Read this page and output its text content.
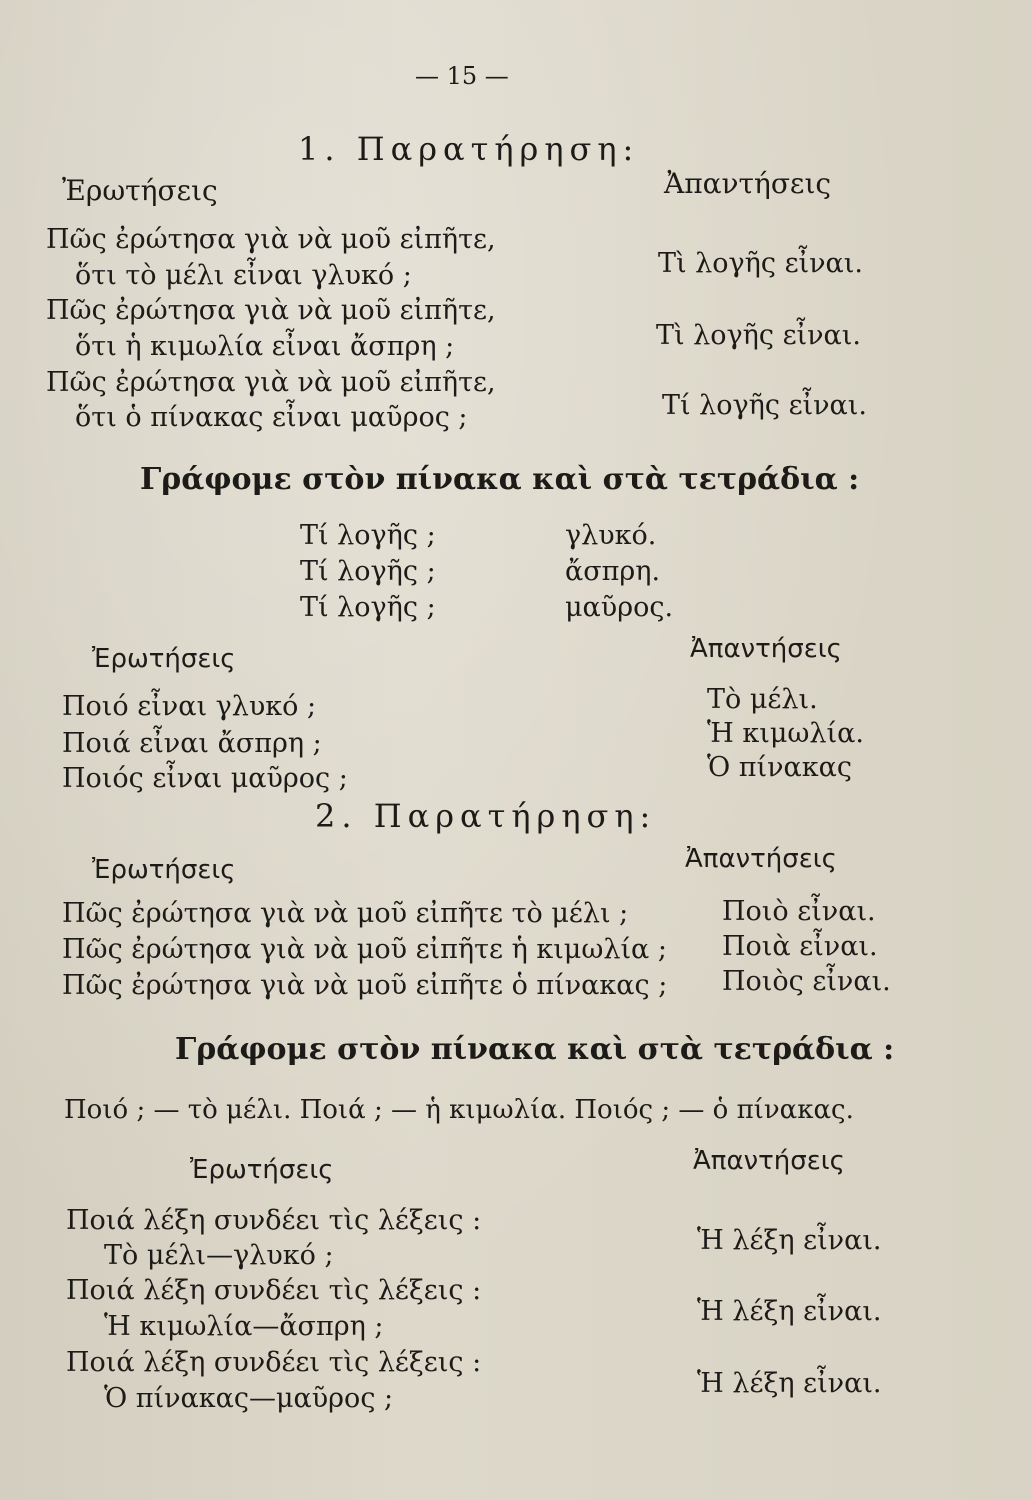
— 15 —
1. Παρατήρηση:
Ἐρωτήσεις	Ἀπαντήσεις
Πῶς ἐρώτησα γιὰ νὰ μοῦ εἰπῆτε,
ὅτι τὸ μέλι εἶναι γλυκό ;	Τὶ λογῆς εἶναι.
Πῶς ἐρώτησα γιὰ νὰ μοῦ εἰπῆτε,
ὅτι ἡ κιμωλία εἶναι ἄσπρη ;	Τὶ λογῆς εἶναι.
Πῶς ἐρώτησα γιὰ νὰ μοῦ εἰπῆτε,
ὅτι ὁ πίνακας εἶναι μαῦρος ;	Τί λογῆς εἶναι.
Γράφομε στὸν πίνακα καὶ στὰ τετράδια :
Τί λογῆς ;	γλυκό.
Τί λογῆς ;	ἄσπρη.
Τί λογῆς ;	μαῦρος.
Ἐρωτήσεις	Ἀπαντήσεις
Ποιό εἶναι γλυκό ;	Τὸ μέλι.
Ποιά εἶναι ἄσπρη ;	Ἡ κιμωλία.
Ποιός εἶναι μαῦρος ;	Ὁ πίνακας
2. Παρατήρηση:
Ἐρωτήσεις	Ἀπαντήσεις
Πῶς ἐρώτησα γιὰ νὰ μοῦ εἰπῆτε τὸ μέλι ;	Ποιὸ εἶναι.
Πῶς ἐρώτησα γιὰ νὰ μοῦ εἰπῆτε ἡ κιμωλία ; Ποιὰ εἶναι.
Πῶς ἐρώτησα γιὰ νὰ μοῦ εἰπῆτε ὁ πίνακας ; Ποιὸς εἶναι.
Γράφομε στὸν πίνακα καὶ στὰ τετράδια :
Ποιό ; — τὸ μέλι. Ποιά ; — ἡ κιμωλία. Ποιός ; — ὁ πίνακας.
Ἐρωτήσεις	Ἀπαντήσεις
Ποιά λέξη συνδέει τὶς λέξεις :
Τὸ μέλι—γλυκό ;	Ἡ λέξη εἶναι.
Ποιά λέξη συνδέει τὶς λέξεις :
Ἡ κιμωλία—ἄσπρη ;	Ἡ λέξη εἶναι.
Ποιά λέξη συνδέει τὶς λέξεις :
Ὁ πίνακας—μαῦρος ;	Ἡ λέξη εἶναι.
